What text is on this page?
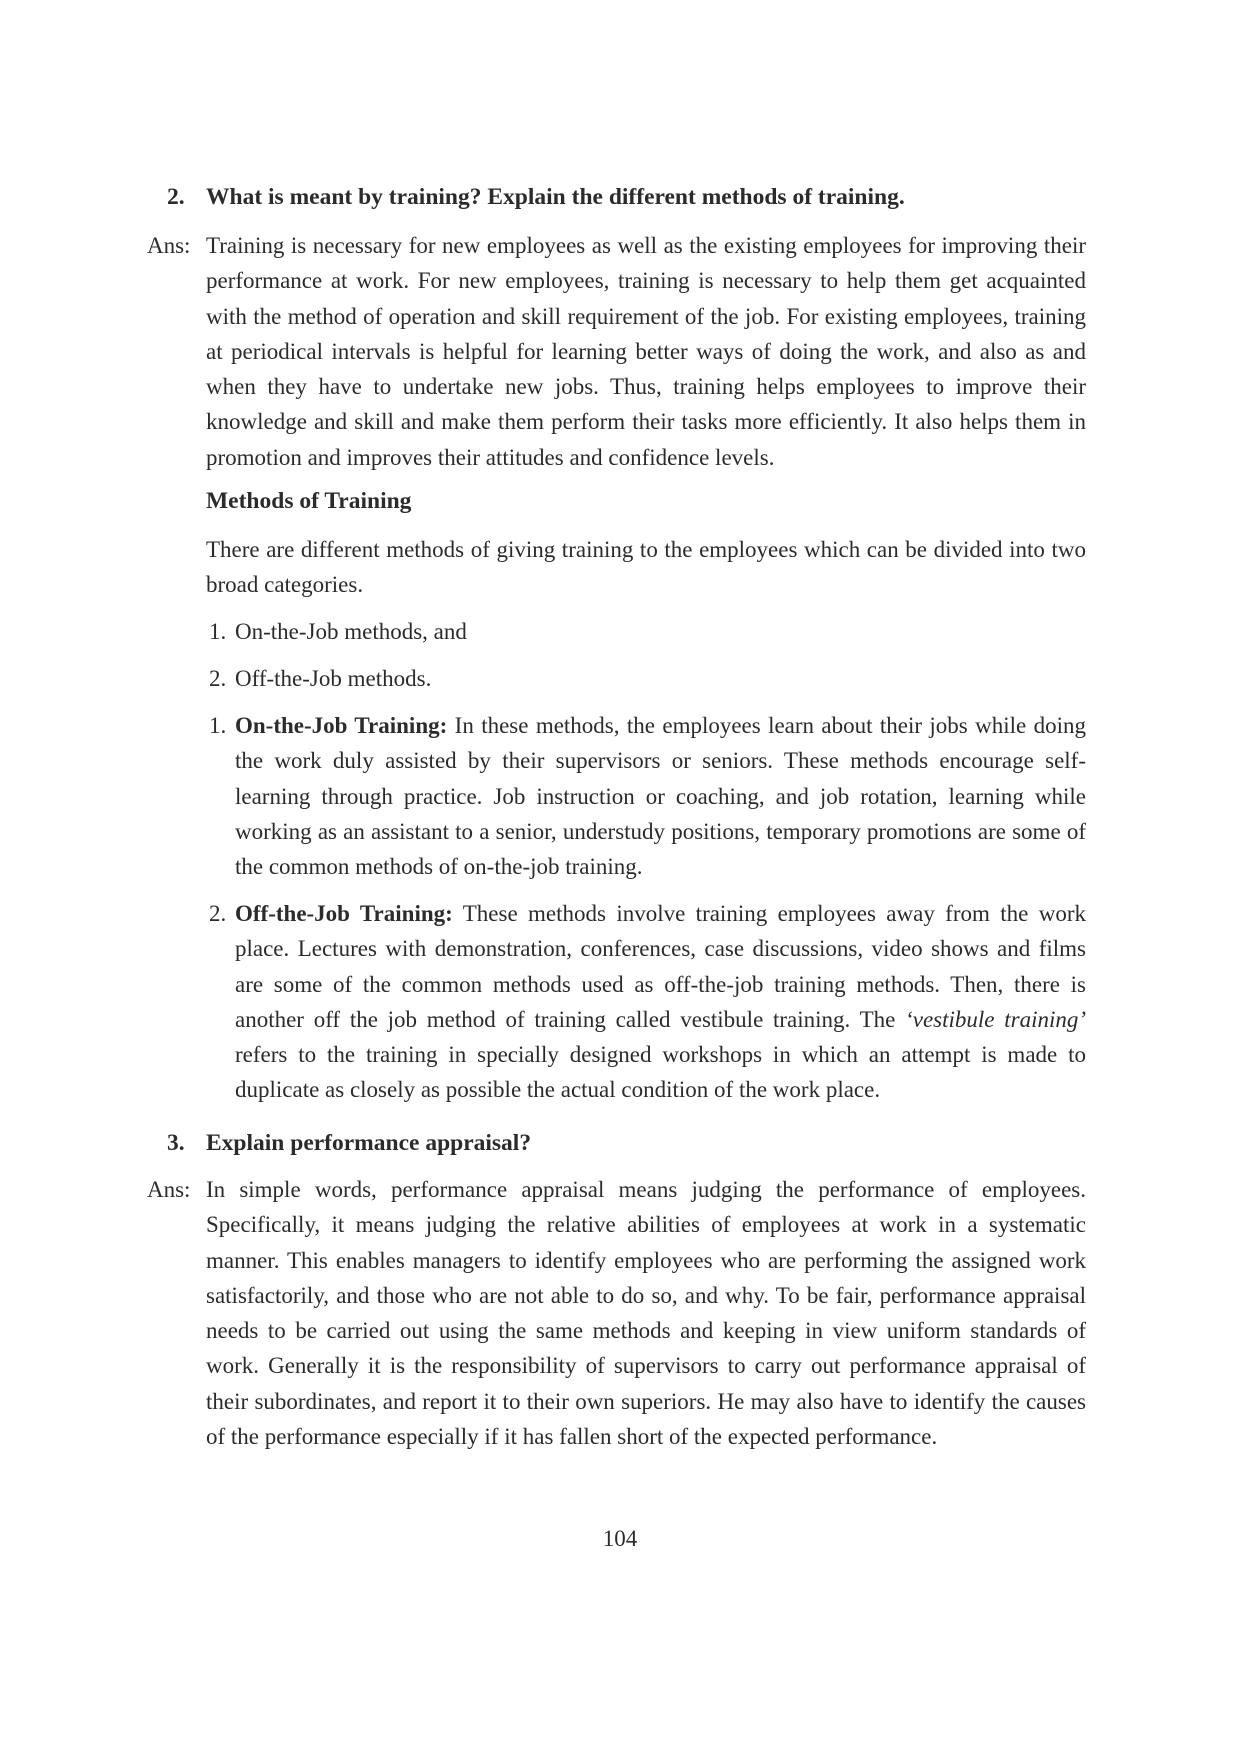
2. What is meant by training? Explain the different methods of training.
Ans: Training is necessary for new employees as well as the existing employees for improving their performance at work. For new employees, training is necessary to help them get acquainted with the method of operation and skill requirement of the job. For existing employees, training at periodical intervals is helpful for learning better ways of doing the work, and also as and when they have to undertake new jobs. Thus, training helps employees to improve their knowledge and skill and make them perform their tasks more efficiently. It also helps them in promotion and improves their attitudes and confidence levels.
Methods of Training
There are different methods of giving training to the employees which can be divided into two broad categories.
1. On-the-Job methods, and
2. Off-the-Job methods.
1. On-the-Job Training: In these methods, the employees learn about their jobs while doing the work duly assisted by their supervisors or seniors. These methods encourage self-learning through practice. Job instruction or coaching, and job rotation, learning while working as an assistant to a senior, understudy positions, temporary promotions are some of the common methods of on-the-job training.
2. Off-the-Job Training: These methods involve training employees away from the work place. Lectures with demonstration, conferences, case discussions, video shows and films are some of the common methods used as off-the-job training methods. Then, there is another off the job method of training called vestibule training. The ‘vestibule training’ refers to the training in specially designed workshops in which an attempt is made to duplicate as closely as possible the actual condition of the work place.
3. Explain performance appraisal?
Ans: In simple words, performance appraisal means judging the performance of employees. Specifically, it means judging the relative abilities of employees at work in a systematic manner. This enables managers to identify employees who are performing the assigned work satisfactorily, and those who are not able to do so, and why. To be fair, performance appraisal needs to be carried out using the same methods and keeping in view uniform standards of work. Generally it is the responsibility of supervisors to carry out performance appraisal of their subordinates, and report it to their own superiors. He may also have to identify the causes of the performance especially if it has fallen short of the expected performance.
104
